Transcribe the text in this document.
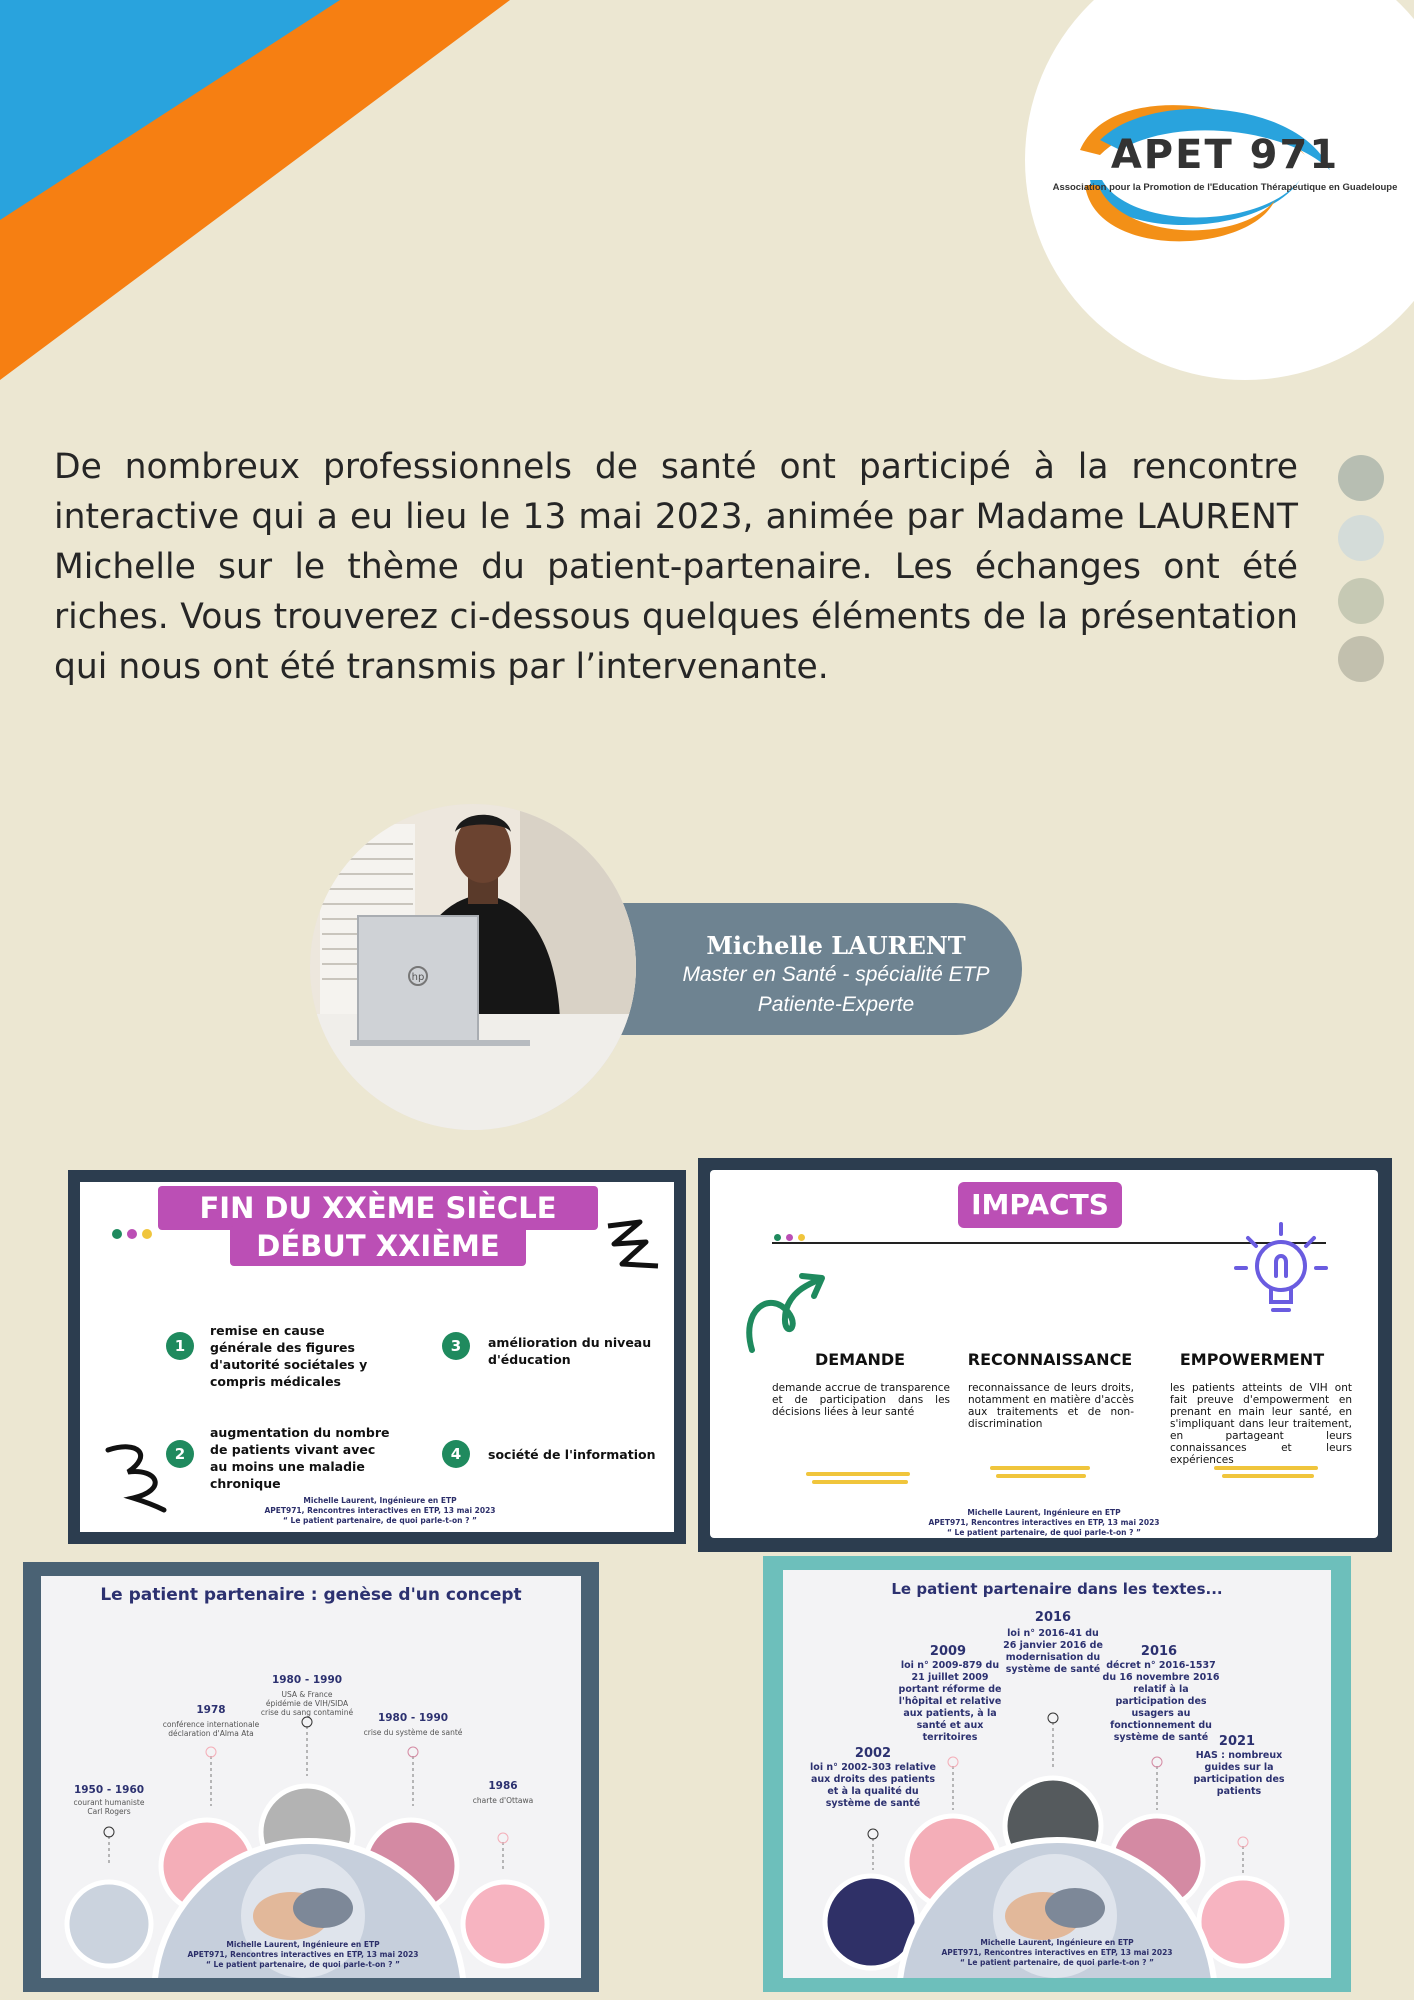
APET 971
Association pour la Promotion de l'Education Thérapeutique en Guadeloupe
De nombreux professionnels de santé ont participé à la rencontre interactive qui a eu lieu le 13 mai 2023, animée par Madame LAURENT Michelle sur le thème du patient-partenaire. Les échanges ont été riches. Vous trouverez ci-dessous quelques éléments de la présentation qui nous ont été transmis par l’intervenante.
Michelle LAURENT
Master en Santé - spécialité ETP
Patiente-Experte
hp

FIN DU XXÈME SIÈCLE
DÉBUT XXIÈME
1
remise en cause générale des figures d'autorité sociétales y compris médicales
2
augmentation du nombre de patients vivant avec au moins une maladie chronique
3	amélioration du niveau d'éducation
4	société de l'information
Michelle Laurent, Ingénieure en ETP
APET971, Rencontres interactives en ETP, 13 mai 2023
“ Le patient partenaire, de quoi parle-t-on ? ”
IMPACTS

DEMANDE
demande accrue de transparence et de participation dans les décisions liées à leur santé
RECONNAISSANCE
reconnaissance de leurs droits, notamment en matière d'accès aux traitements et de non-discrimination
EMPOWERMENT
les patients atteints de VIH ont fait preuve d'empowerment en prenant en main leur santé, en s'impliquant dans leur traitement, en partageant leurs connaissances et leurs expériences
Michelle Laurent, Ingénieure en ETP
APET971, Rencontres interactives en ETP, 13 mai 2023
“ Le patient partenaire, de quoi parle-t-on ? ”
Le patient partenaire : genèse d'un concept
1950 - 1960
courant humaniste
Carl Rogers
1978
conférence internationale
déclaration d'Alma Ata
1980 - 1990
USA & France
épidémie de VIH/SIDA
crise du sang contaminé	1980 - 1990
crise du système de santé
1986
charte d'Ottawa
Michelle Laurent, Ingénieure en ETP
APET971, Rencontres interactives en ETP, 13 mai 2023
“ Le patient partenaire, de quoi parle-t-on ? ”
Le patient partenaire dans les textes...
2002
loi n° 2002-303 relative aux droits des patients et à la qualité du système de santé
2009
loi n° 2009-879 du 21 juillet 2009 portant réforme de l'hôpital et relative aux patients, à la santé et aux territoires
2016
loi n° 2016-41 du 26 janvier 2016 de modernisation du système de santé
2016
décret n° 2016-1537 du 16 novembre 2016 relatif à la participation des usagers au fonctionnement du système de santé 2021
HAS : nombreux guides sur la participation des patients
Michelle Laurent, Ingénieure en ETP
APET971, Rencontres interactives en ETP, 13 mai 2023
“ Le patient partenaire, de quoi parle-t-on ? ”
